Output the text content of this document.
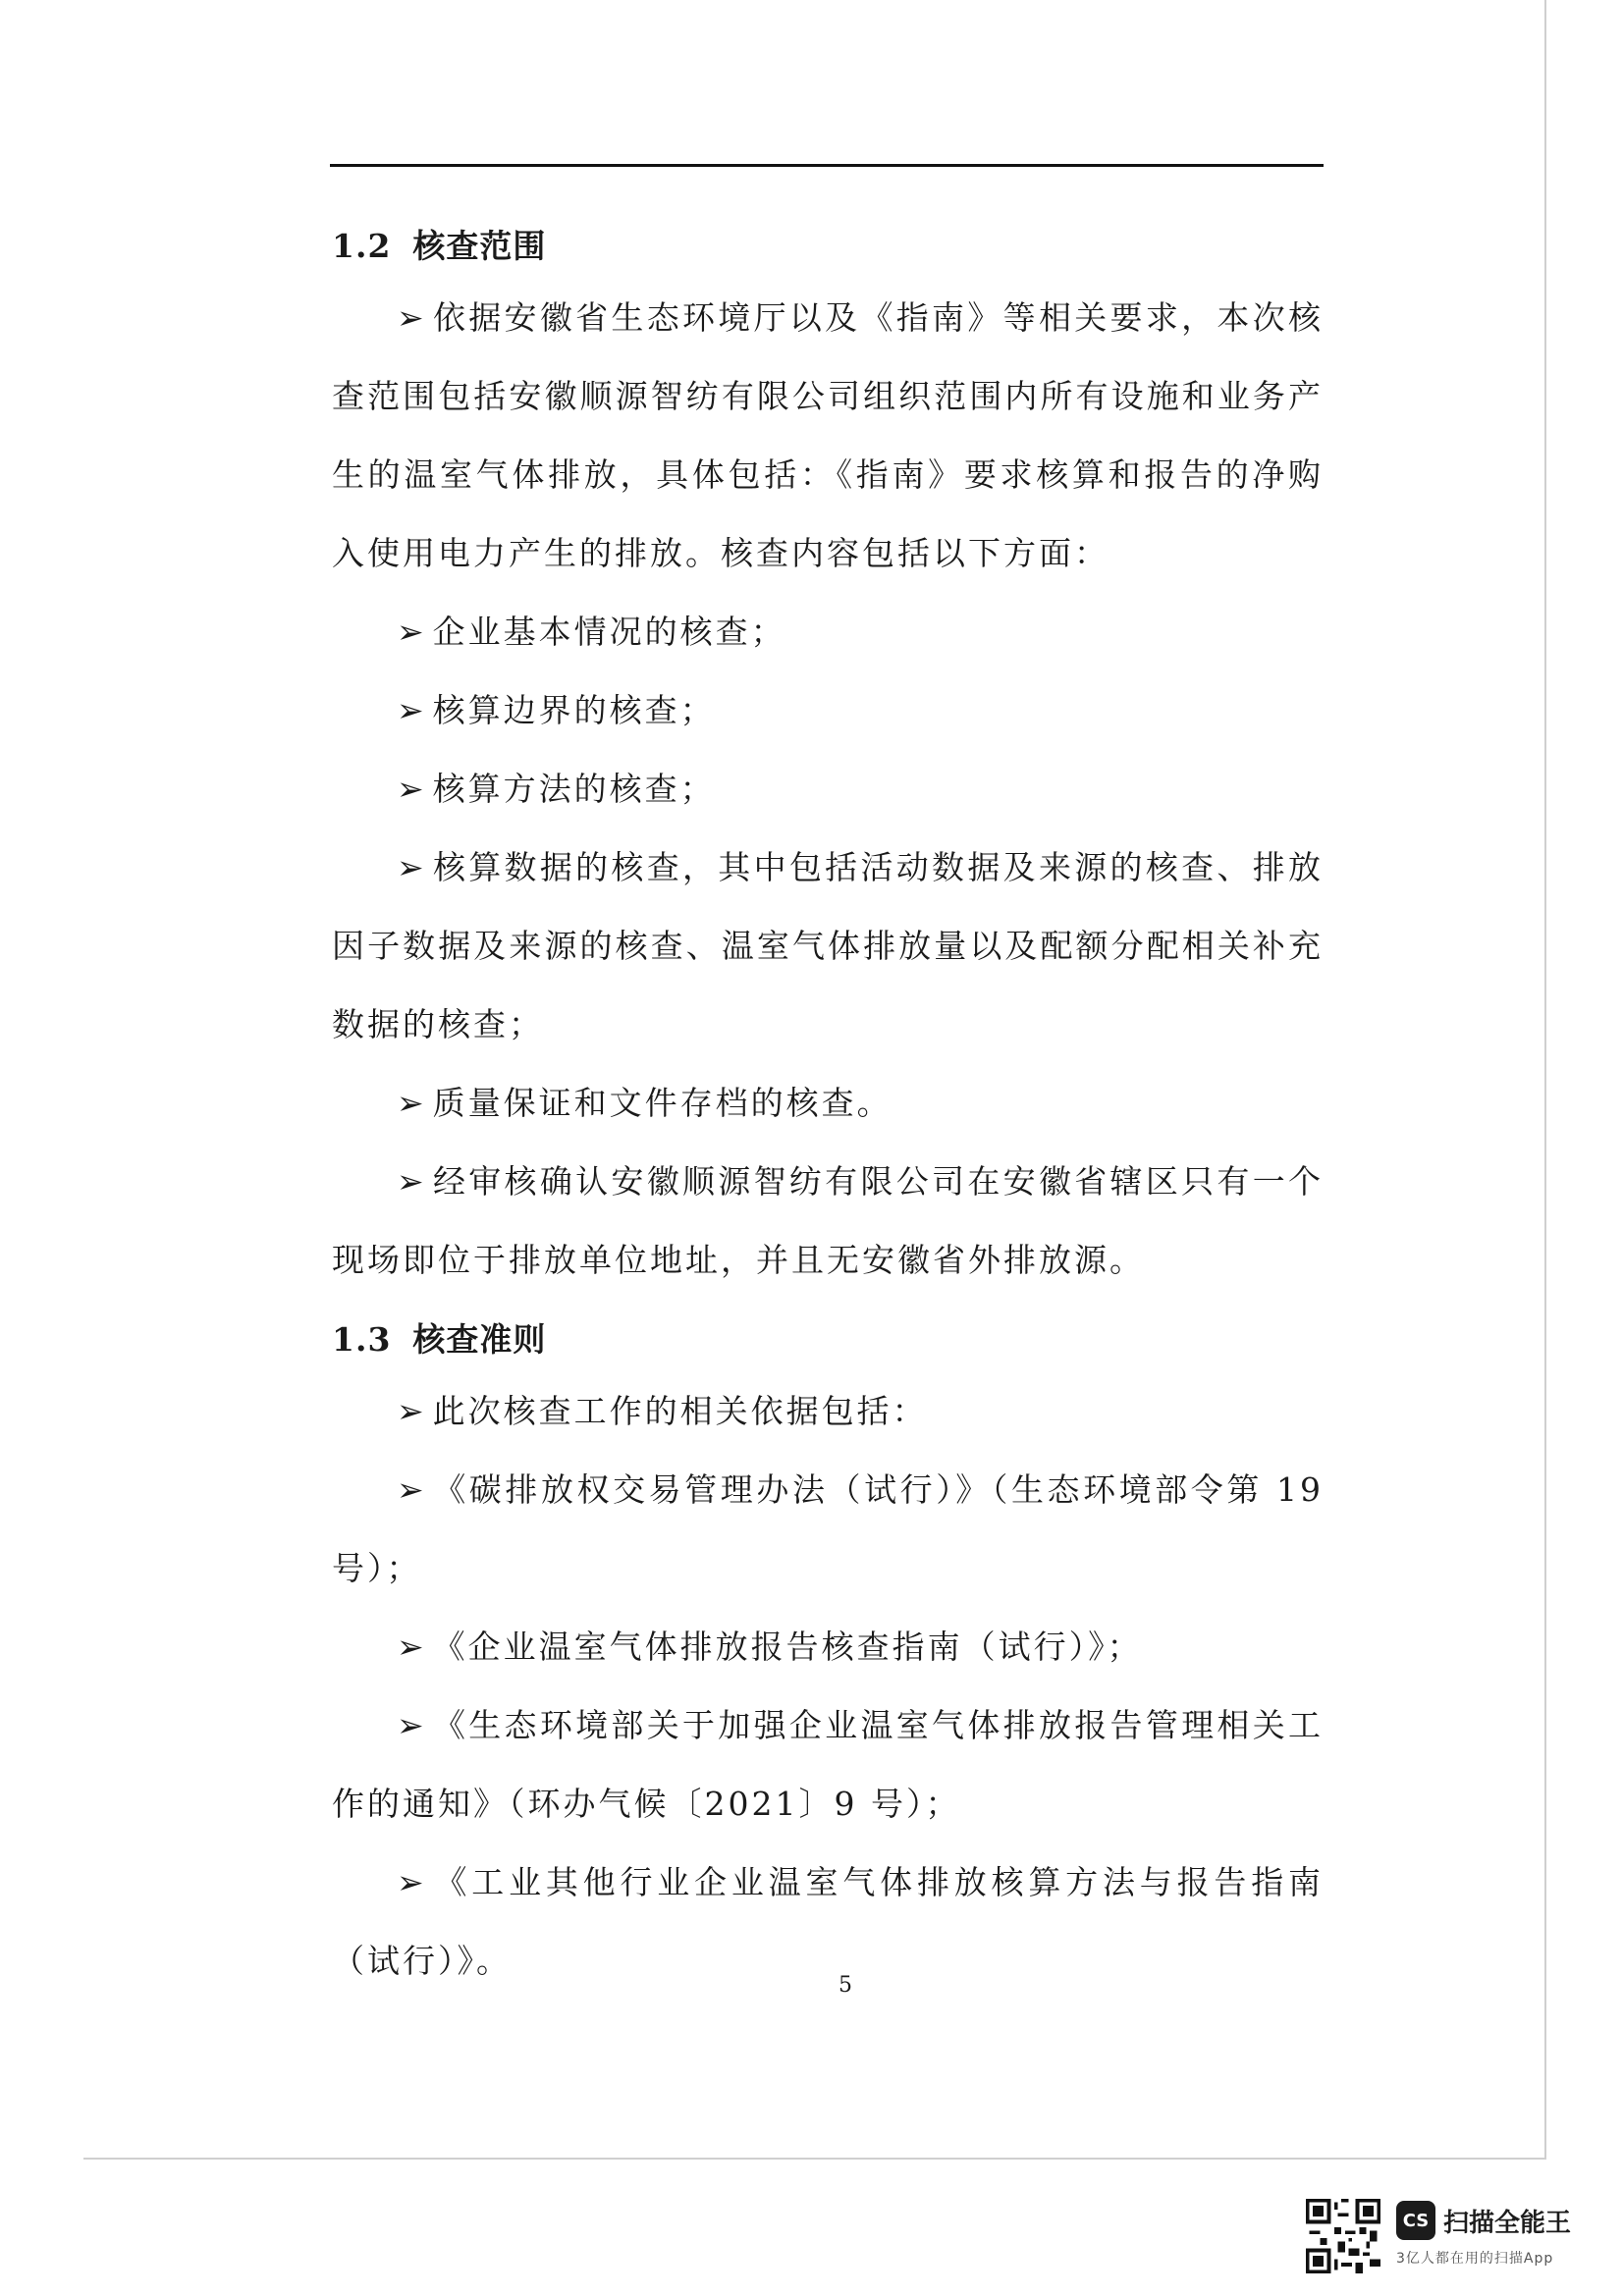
1.2 核查范围

➢ 依据安徽省生态环境厅以及《指南》等相关要求，本次核查范围包括安徽顺源智纺有限公司组织范围内所有设施和业务产生的温室气体排放，具体包括：《指南》要求核算和报告的净购入使用电力产生的排放。核查内容包括以下方面：

➢ 企业基本情况的核查；

➢ 核算边界的核查；

➢ 核算方法的核查；

➢ 核算数据的核查，其中包括活动数据及来源的核查、排放因子数据及来源的核查、温室气体排放量以及配额分配相关补充数据的核查；

➢ 质量保证和文件存档的核查。

➢ 经审核确认安徽顺源智纺有限公司在安徽省辖区只有一个现场即位于排放单位地址，并且无安徽省外排放源。

1.3 核查准则

➢ 此次核查工作的相关依据包括：

➢ 《碳排放权交易管理办法（试行）》（生态环境部令第 19 号）；

➢ 《企业温室气体排放报告核查指南（试行）》；

➢ 《生态环境部关于加强企业温室气体排放报告管理相关工作的通知》（环办气候〔2021〕9 号）；

➢ 《工业其他行业企业温室气体排放核算方法与报告指南（试行）》。

5
CS 扫描全能王
3亿人都在用的扫描App
